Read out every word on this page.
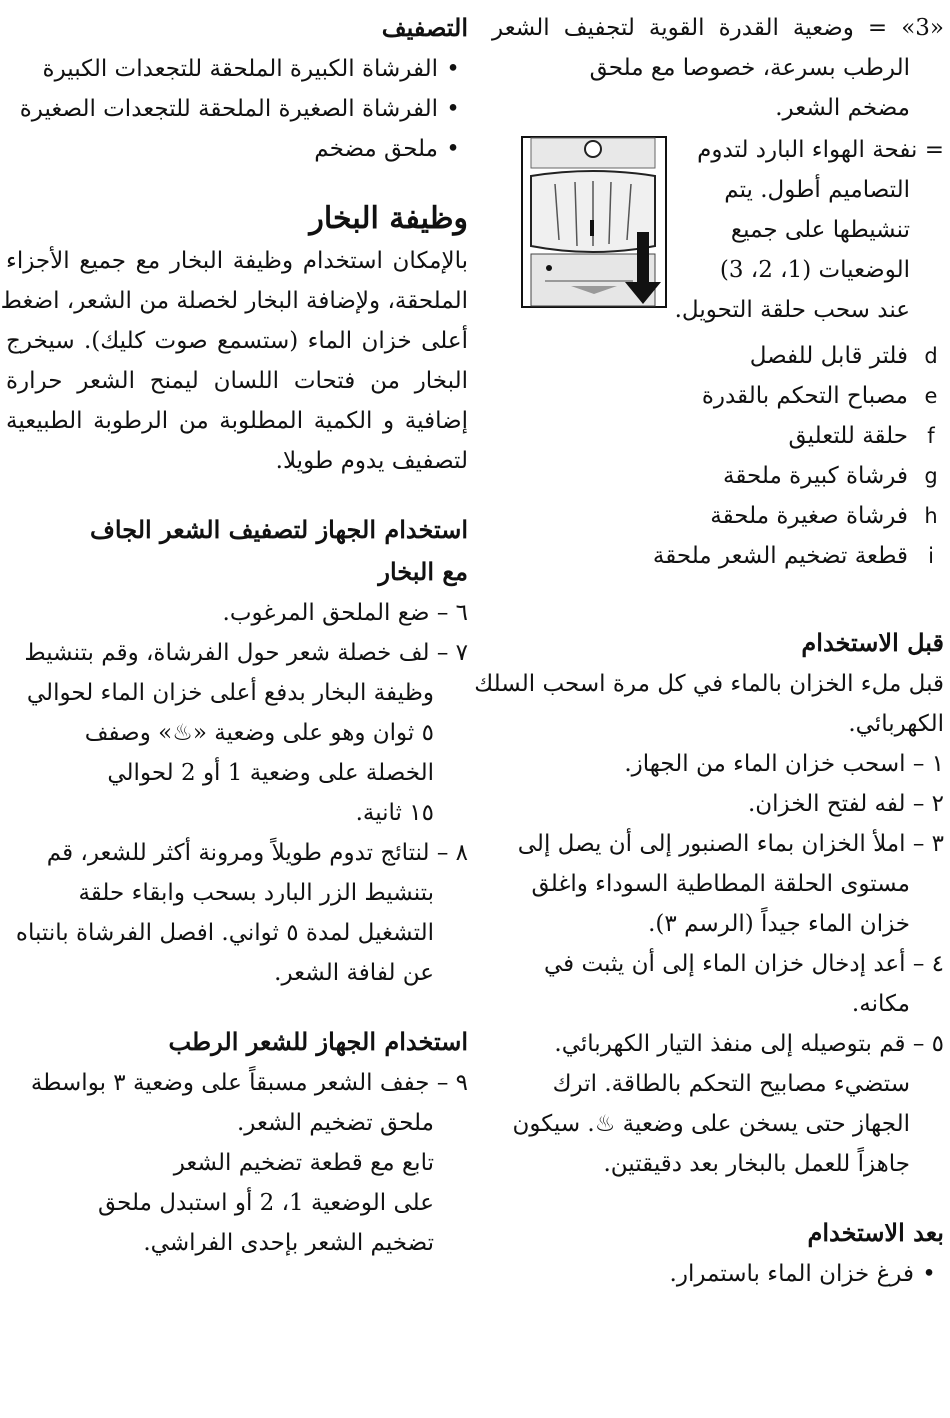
«3» = وضعية القدرة القوية لتجفيف الشعر
الرطب بسرعة، خصوصا مع ملحق
مضخم الشعر.
= نفحة الهواء البارد لتدوم
التصاميم أطول. يتم
تنشيطها على جميع
الوضعيات (1، 2، 3)
عند سحب حلقة التحويل.
d
فلتر قابل للفصل
e
مصباح التحكم بالقدرة
f
حلقة للتعليق
g
فرشاة كبيرة ملحقة
h
فرشاة صغيرة ملحقة
i
قطعة تضخيم الشعر ملحقة
قبل الاستخدام
قبل ملء الخزان بالماء في كل مرة اسحب السلك
الكهربائي.
١ – اسحب خزان الماء من الجهاز.
٢ – لفه لفتح الخزان.
٣ – املأ الخزان بماء الصنبور إلى أن يصل إلى
مستوى الحلقة المطاطية السوداء واغلق
خزان الماء جيداً (الرسم ٣).
٤ – أعد إدخال خزان الماء إلى أن يثبت في
مكانه.
٥ – قم بتوصيله إلى منفذ التيار الكهربائي.
ستضيء مصابيح التحكم بالطاقة. اترك
الجهاز حتى يسخن على وضعية ♨. سيكون
جاهزاً للعمل بالبخار بعد دقيقتين.
بعد الاستخدام
•فرغ خزان الماء باستمرار.
التصفيف
•الفرشاة الكبيرة الملحقة للتجعدات الكبيرة
•الفرشاة الصغيرة الملحقة للتجعدات الصغيرة
•ملحق مضخم
وظيفة البخار
بالإمكان استخدام وظيفة البخار مع جميع الأجزاء
الملحقة، ولإضافة البخار لخصلة من الشعر، اضغط
أعلى خزان الماء (ستسمع صوت كليك). سيخرج
البخار من فتحات اللسان ليمنح الشعر حرارة
إضافية و الكمية المطلوبة من الرطوبة الطبيعية
لتصفيف يدوم طويلا.
استخدام الجهاز لتصفيف الشعر الجاف
مع البخار
٦ – ضع الملحق المرغوب.
٧ – لف خصلة شعر حول الفرشاة، وقم بتنشيط
وظيفة البخار بدفع أعلى خزان الماء لحوالي
٥ ثوان وهو على وضعية «♨» وصفف
الخصلة على وضعية 1 أو 2 لحوالي
١٥ ثانية.
٨ – لنتائج تدوم طويلاً ومرونة أكثر للشعر، قم
بتنشيط الزر البارد بسحب وابقاء حلقة
التشغيل لمدة ٥ ثواني. افصل الفرشاة بانتباه
عن لفافة الشعر.
استخدام الجهاز للشعر الرطب
٩ – جفف الشعر مسبقاً على وضعية ٣ بواسطة
ملحق تضخيم الشعر.
تابع مع قطعة تضخيم الشعر
على الوضعية 1، 2 أو استبدل ملحق
تضخيم الشعر بإحدى الفراشي.
